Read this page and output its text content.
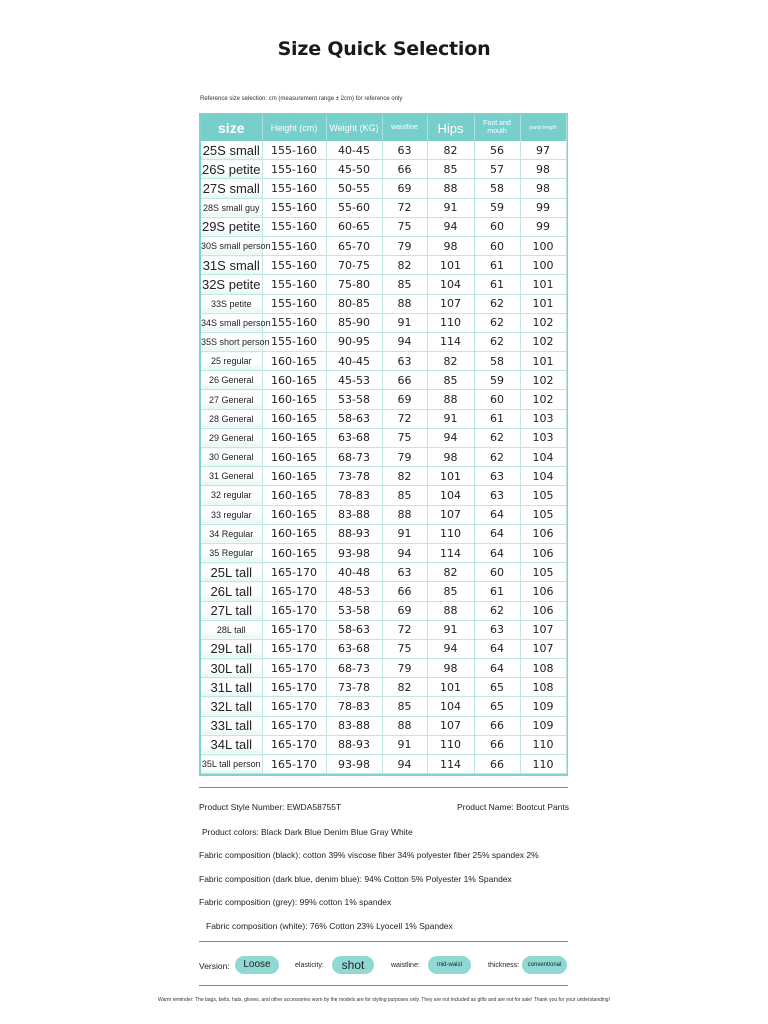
Size Quick Selection
Reference size selection: cm (measurement range ± 2cm) for reference only
size	Height (cm)	Weight (KG)	waistline	Hips	Foot and mouth	pants length
25S small	155-160	40-45	63	82	56	97
26S petite	155-160	45-50	66	85	57	98
27S small	155-160	50-55	69	88	58	98
28S small guy	155-160	55-60	72	91	59	99
29S petite	155-160	60-65	75	94	60	99
30S small person	155-160	65-70	79	98	60	100
31S small	155-160	70-75	82	101	61	100
32S petite	155-160	75-80	85	104	61	101
33S petite	155-160	80-85	88	107	62	101
34S small person	155-160	85-90	91	110	62	102
35S short person	155-160	90-95	94	114	62	102
25 regular	160-165	40-45	63	82	58	101
26 General	160-165	45-53	66	85	59	102
27 General	160-165	53-58	69	88	60	102
28 General	160-165	58-63	72	91	61	103
29 General	160-165	63-68	75	94	62	103
30 General	160-165	68-73	79	98	62	104
31 General	160-165	73-78	82	101	63	104
32 regular	160-165	78-83	85	104	63	105
33 regular	160-165	83-88	88	107	64	105
34 Regular	160-165	88-93	91	110	64	106
35 Regular	160-165	93-98	94	114	64	106
25L tall	165-170	40-48	63	82	60	105
26L tall	165-170	48-53	66	85	61	106
27L tall	165-170	53-58	69	88	62	106
28L tall	165-170	58-63	72	91	63	107
29L tall	165-170	63-68	75	94	64	107
30L tall	165-170	68-73	79	98	64	108
31L tall	165-170	73-78	82	101	65	108
32L tall	165-170	78-83	85	104	65	109
33L tall	165-170	83-88	88	107	66	109
34L tall	165-170	88-93	91	110	66	110
35L tall person	165-170	93-98	94	114	66	110
Product Style Number: EWDA58755T	Product Name: Bootcut Pants
Product colors: Black Dark Blue Denim Blue Gray White
Fabric composition (black): cotton 39% viscose fiber 34% polyester fiber 25% spandex 2%
Fabric composition (dark blue, denim blue): 94% Cotton 5% Polyester 1% Spandex
Fabric composition (grey): 99% cotton 1% spandex
Fabric composition (white): 76% Cotton 23% Lyocell 1% Spandex
Version:	Loose	elasticity:	shot	waistline:	mid-waist	thickness:	conventional
Warm reminder: The bags, belts, hats, gloves, and other accessories worn by the models are for styling purposes only. They are not included as gifts and are not for sale! Thank you for your understanding!
